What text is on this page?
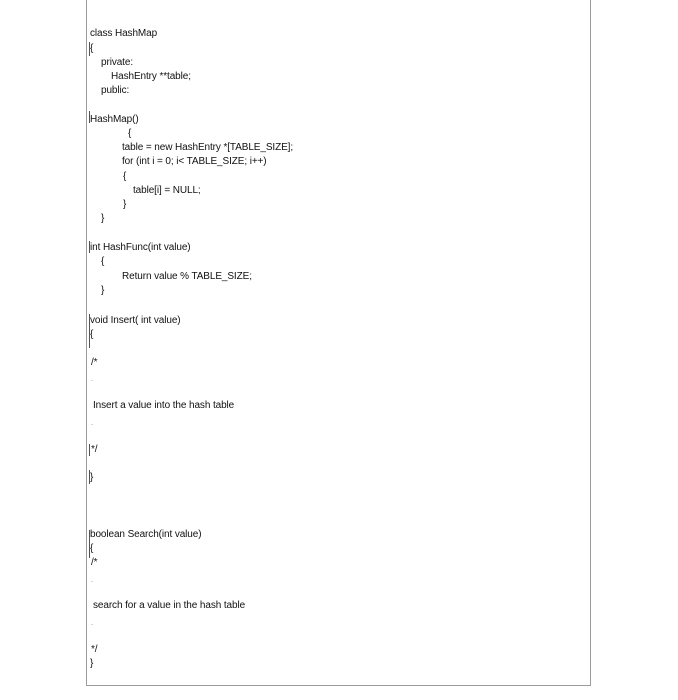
class HashMap
{
private:
HashEntry **table;
public:
HashMap()
{
table = new HashEntry *[TABLE_SIZE];
for (int i = 0; i< TABLE_SIZE; i++)
{
table[i] = NULL;
}
}
int HashFunc(int value)
{
Return value % TABLE_SIZE;
}
void Insert( int value)
{
/*
.
Insert a value into the hash table
.
*/
}
boolean Search(int value)
{
/*
.
search for a value in the hash table
.
*/
}
